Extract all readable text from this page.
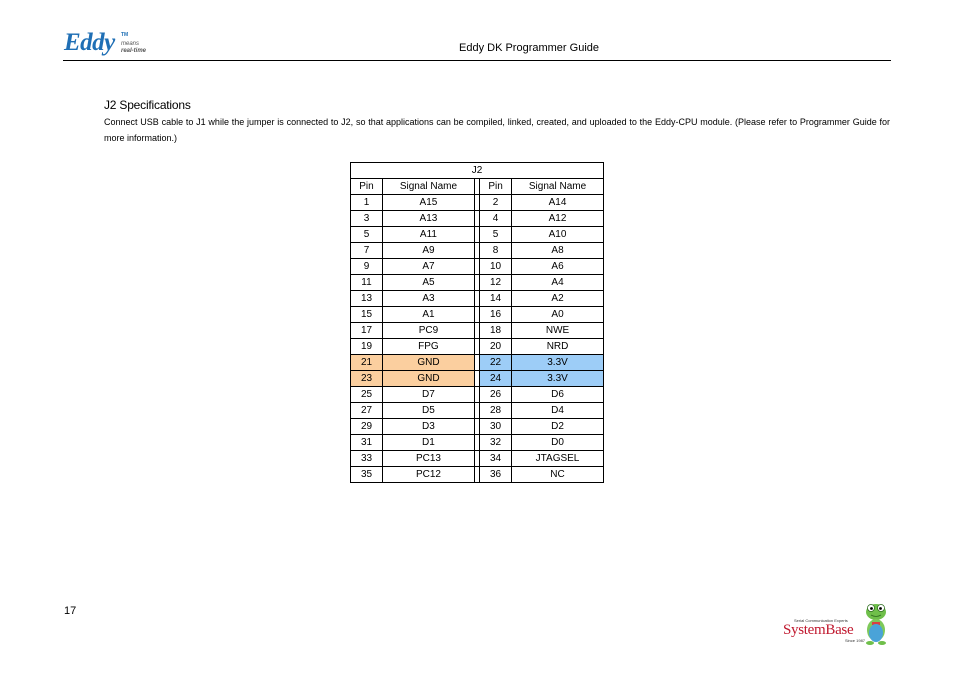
Eddy TM
means
real-time	Eddy DK Programmer Guide
J2 Specifications
Connect USB cable to J1 while the jumper is connected to J2, so that applications can be compiled, linked, created, and uploaded to the Eddy-CPU module. (Please refer to Programmer Guide for more information.)
J2				
Pin	Signal Name		Pin	Signal Name
1	A15		2	A14
3	A13		4	A12
5	A11		5	A10
7	A9		8	A8
9	A7		10	A6
11	A5		12	A4
13	A3		14	A2
15	A1		16	A0
17	PC9		18	NWE
19	FPG		20	NRD
21	GND		22	3.3V
23	GND		24	3.3V
25	D7		26	D6
27	D5		28	D4
29	D3		30	D2
31	D1		32	D0
33	PC13		34	JTAGSEL
35	PC12		36	NC
17
Serial Communication Experts
SystemBase
Since 1987
